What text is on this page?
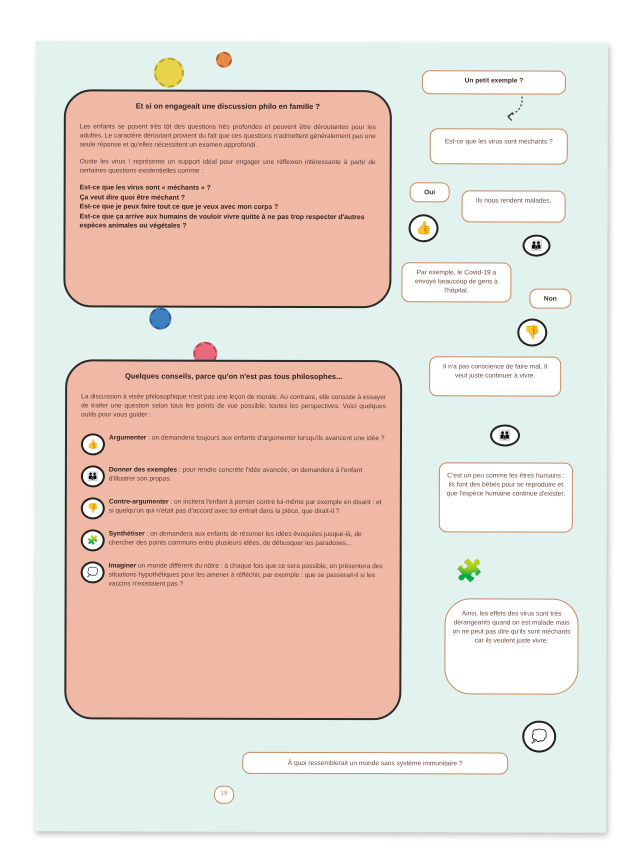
Et si on engageait une discussion philo en famille ?
Les enfants se posent très tôt des questions très profondes et peuvent être déroutantes pour les adultes. Le caractère déroutant provient du fait que ces questions n'admettent généralement pas une seule réponse et qu'elles nécessitent un examen approfondi .
Ouste les virus ! représente un support idéal pour engager une réflexion intéressante à partir de certaines questions existentielles comme :
Est-ce que les virus sont « méchants » ?
Ça veut dire quoi être méchant ?
Est-ce que je peux faire tout ce que je veux avec mon corps ?
Est-ce que ça arrive aux humains de vouloir vivre quitte à ne pas trop respecter d'autres espèces animales ou végétales ?
Quelques conseils, parce qu'on n'est pas tous philosophes...
La discussion à visée philosophique n'est pas une leçon de morale. Au contraire, elle consiste à essayer de traiter une question selon tous les points de vue possible, toutes les perspectives. Voici quelques outils pour vous guider :
👍
Argumenter : on demandera toujours aux enfants d'argumenter lorsqu'ils avancent une idée ?
👪
Donner des exemples : pour rendre concrète l'idée avancée, on demandera à l'enfant d'illustrer son propos.
👎
Contre-argumenter : on incitera l'enfant à penser contre lui-même par exemple en disant : et si quelqu'un qui n'était pas d'accord avec toi entrait dans la pièce, que dirait-il ?
🧩
Synthétiser : on demandera aux enfants de résumer les idées évoquées jusque-là, de chercher des points communs entre plusieurs idées, de débusquer les paradoxes...
💭
Imaginer un monde différent du nôtre : à chaque fois que ce sera possible, on présentera des situations hypothétiques pour les amener à réfléchir, par exemple : que se passerait-il si les vaccins n'existaient pas ?
Un petit exemple ?
Est-ce que les virus sont méchants ?
Oui
👍
Ils nous rendent malades.
👪
Par exemple, le Covid-19 a envoyé beaucoup de gens à l'hôpital.
Non
👎
Il n'a pas conscience de faire mal. Il veut juste continuer à vivre.
👪
C'est un peu comme les êtres humains : ils font des bébés pour se reproduire et que l'espèce humaine continue d'exister.
🧩
Ainsi, les effets des virus sont très dérangeants quand on est malade mais on ne peut pas dire qu'ils sont méchants car ils veulent juste vivre.
💭
À quoi ressemblerait un monde sans système immunitaire ?
19
